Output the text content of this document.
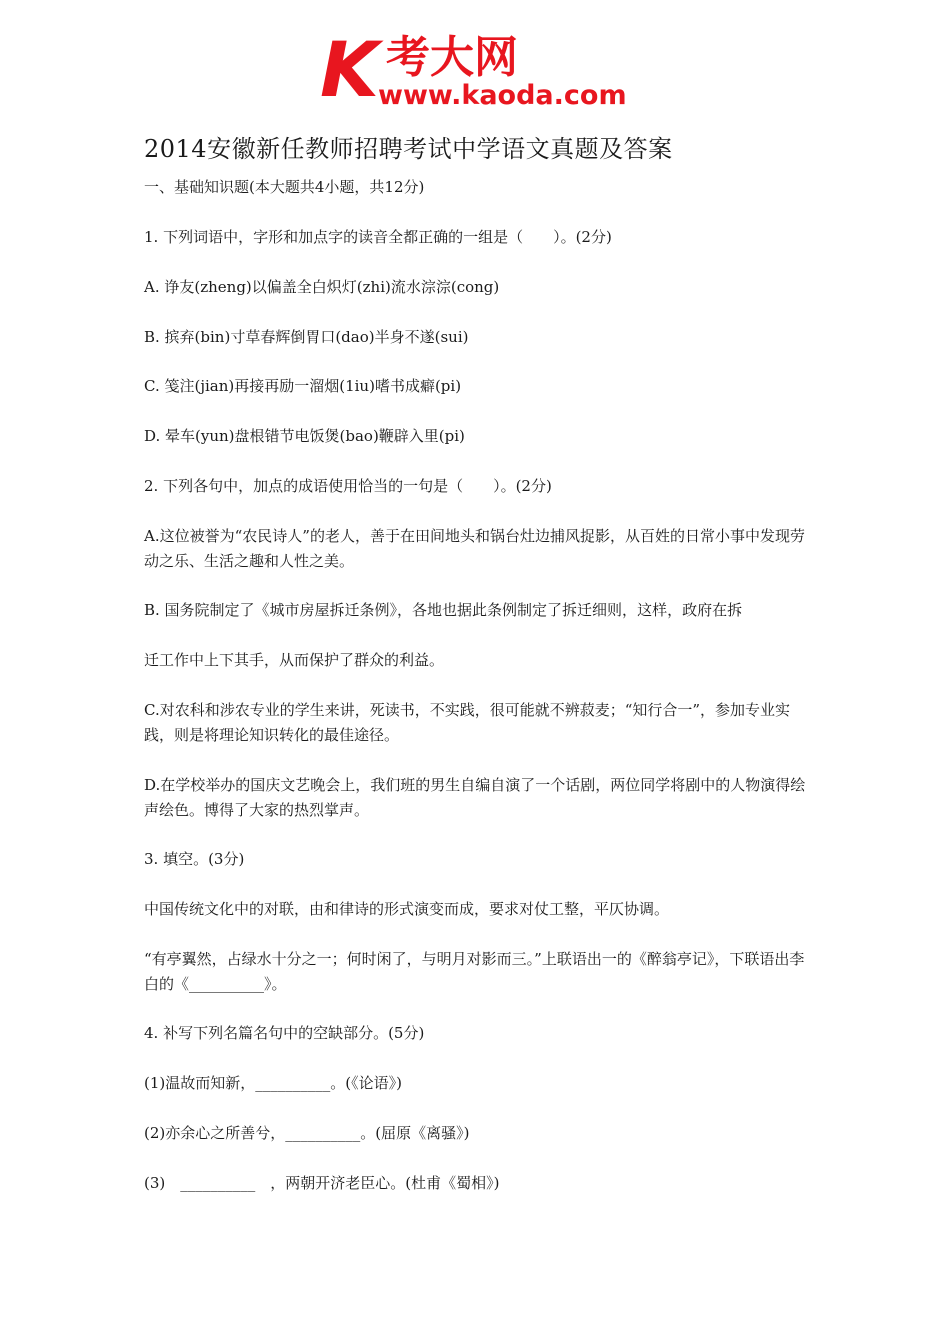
K 考大网
www.kaoda.com
2014安徽新任教师招聘考试中学语文真题及答案
一、基础知识题(本大题共4小题，共12分)
1. 下列词语中，字形和加点字的读音全都正确的一组是（　　）。(2分)
A. 诤友(zheng)以偏盖全白炽灯(zhi)流水淙淙(cong)
B. 摈弃(bin)寸草春辉倒胃口(dao)半身不遂(sui)
C. 笺注(jian)再接再励一溜烟(1iu)嗜书成癖(pi)
D. 晕车(yun)盘根错节电饭煲(bao)鞭辟入里(pi)
2. 下列各句中，加点的成语使用恰当的一句是（　　）。(2分)
A.这位被誉为“农民诗人”的老人，善于在田间地头和锅台灶边捕风捉影，从百姓的日常小事中发现劳动之乐、生活之趣和人性之美。
B. 国务院制定了《城市房屋拆迁条例》，各地也据此条例制定了拆迁细则，这样，政府在拆
迁工作中上下其手，从而保护了群众的利益。
C.对农科和涉农专业的学生来讲，死读书，不实践，很可能就不辨菽麦；“知行合一”，参加专业实践，则是将理论知识转化的最佳途径。
D.在学校举办的国庆文艺晚会上，我们班的男生自编自演了一个话剧，两位同学将剧中的人物演得绘声绘色。博得了大家的热烈掌声。
3. 填空。(3分)
中国传统文化中的对联，由和律诗的形式演变而成，要求对仗工整，平仄协调。
“有亭翼然，占绿水十分之一；何时闲了，与明月对影而三。”上联语出一的《醉翁亭记》，下联语出李白的《__________》。
4. 补写下列名篇名句中的空缺部分。(5分)
(1)温故而知新，__________。(《论语》)
(2)亦余心之所善兮，__________。(屈原《离骚》)
(3)　__________　，两朝开济老臣心。(杜甫《蜀相》)
